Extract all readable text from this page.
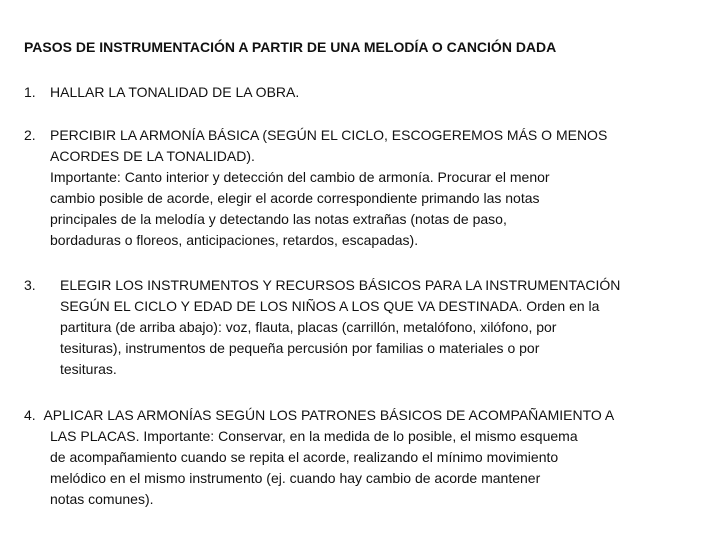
PASOS DE INSTRUMENTACIÓN A PARTIR DE UNA MELODÍA O CANCIÓN DADA
1. HALLAR LA TONALIDAD DE LA OBRA.
2. PERCIBIR LA ARMONÍA BÁSICA (SEGÚN EL CICLO, ESCOGEREMOS MÁS O MENOS
ACORDES DE LA TONALIDAD).
Importante: Canto interior y detección del cambio de armonía. Procurar el menor
cambio posible de acorde, elegir el acorde correspondiente primando las notas
principales de la melodía y detectando las notas extrañas (notas de paso,
bordaduras o floreos, anticipaciones, retardos, escapadas).
3. ELEGIR LOS INSTRUMENTOS Y RECURSOS BÁSICOS PARA LA INSTRUMENTACIÓN
SEGÚN EL CICLO Y EDAD DE LOS NIÑOS A LOS QUE VA DESTINADA. Orden en la
partitura (de arriba abajo): voz, flauta, placas (carrillón, metalófono, xilófono, por
tesituras), instrumentos de pequeña percusión por familias o materiales o por
tesituras.
4. APLICAR LAS ARMONÍAS SEGÚN LOS PATRONES BÁSICOS DE ACOMPAÑAMIENTO A
LAS PLACAS. Importante: Conservar, en la medida de lo posible, el mismo esquema
de acompañamiento cuando se repita el acorde, realizando el mínimo movimiento
melódico en el mismo instrumento (ej. cuando hay cambio de acorde mantener
notas comunes).
